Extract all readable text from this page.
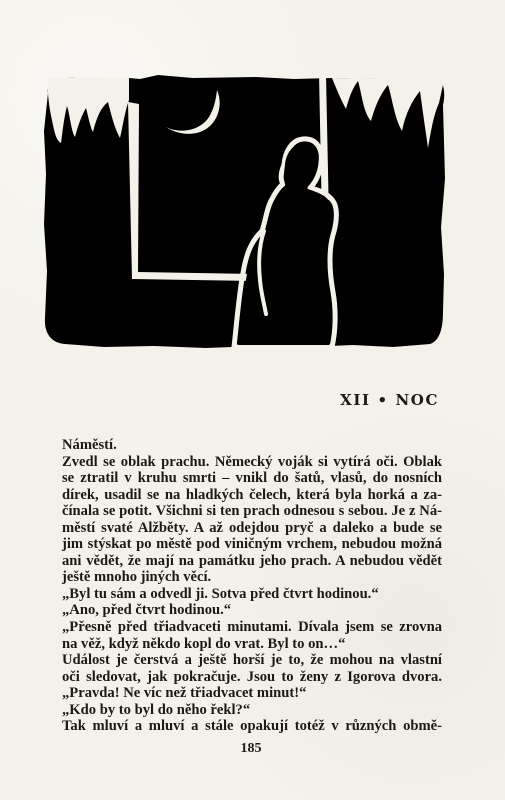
XII • NOC
Náměstí.
Zvedl se oblak prachu. Německý voják si vytírá oči. Oblak
se ztratil v kruhu smrti – vnikl do šatů, vlasů, do nosních
dírek, usadil se na hladkých čelech, která byla horká a za-
čínala se potit. Všichni si ten prach odnesou s sebou. Je z Ná-
městí svaté Alžběty. A až odejdou pryč a daleko a bude se
jim stýskat po městě pod viničným vrchem, nebudou možná
ani vědět, že mají na památku jeho prach. A nebudou vědět
ještě mnoho jiných věcí.
„Byl tu sám a odvedl ji. Sotva před čtvrt hodinou.“
„Ano, před čtvrt hodinou.“
„Přesně před třiadvaceti minutami. Dívala jsem se zrovna
na věž, když někdo kopl do vrat. Byl to on…“
Událost je čerstvá a ještě horší je to, že mohou na vlastní
oči sledovat, jak pokračuje. Jsou to ženy z Igorova dvora.
„Pravda! Ne víc než třiadvacet minut!“
„Kdo by to byl do něho řekl?“
Tak mluví a mluví a stále opakují totéž v různých obmě-
185
